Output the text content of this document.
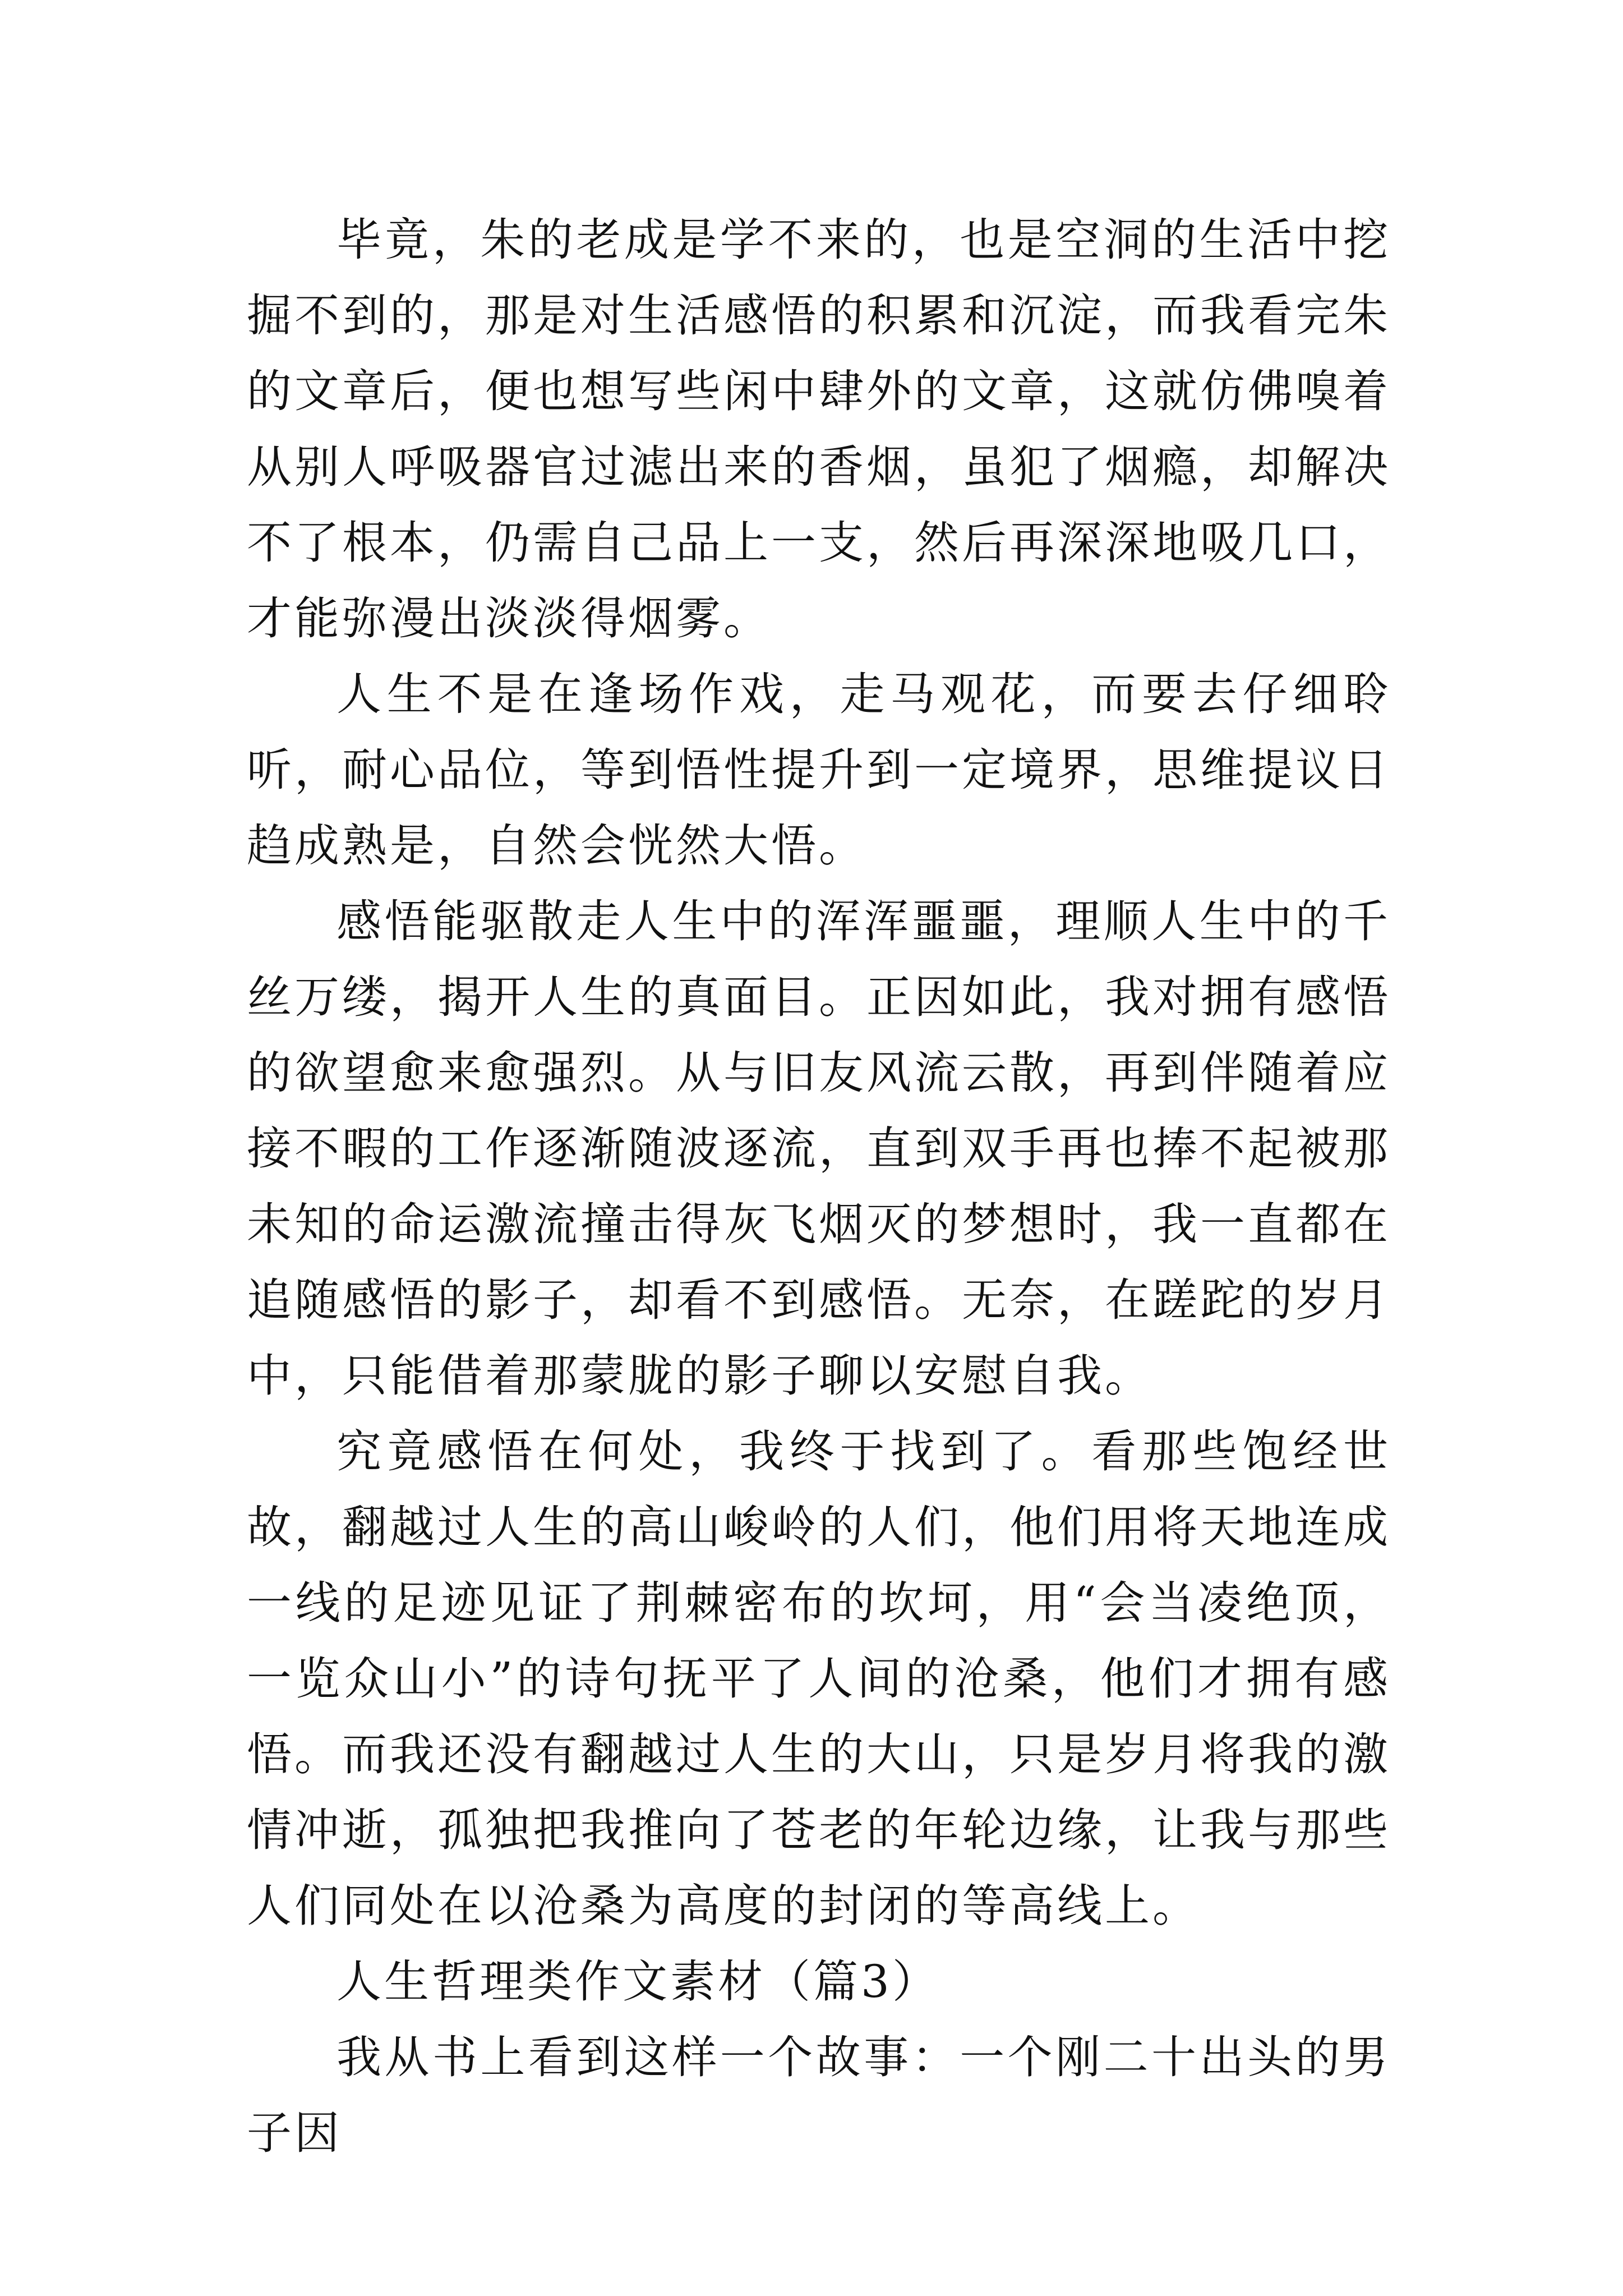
毕竟，朱的老成是学不来的，也是空洞的生活中挖掘不到的，那是对生活感悟的积累和沉淀，而我看完朱的文章后，便也想写些闲中肆外的文章，这就仿佛嗅着从别人呼吸器官过滤出来的香烟，虽犯了烟瘾，却解决不了根本，仍需自己品上一支，然后再深深地吸几口，才能弥漫出淡淡得烟雾。

人生不是在逢场作戏，走马观花，而要去仔细聆听，耐心品位，等到悟性提升到一定境界，思维提议日趋成熟是，自然会恍然大悟。

感悟能驱散走人生中的浑浑噩噩，理顺人生中的千丝万缕，揭开人生的真面目。正因如此，我对拥有感悟的欲望愈来愈强烈。从与旧友风流云散，再到伴随着应接不暇的工作逐渐随波逐流，直到双手再也捧不起被那未知的命运激流撞击得灰飞烟灭的梦想时，我一直都在追随感悟的影子，却看不到感悟。无奈，在蹉跎的岁月中，只能借着那蒙胧的影子聊以安慰自我。

究竟感悟在何处，我终于找到了。看那些饱经世故，翻越过人生的高山峻岭的人们，他们用将天地连成一线的足迹见证了荆棘密布的坎坷，用“会当凌绝顶，一览众山小”的诗句抚平了人间的沧桑，他们才拥有感悟。而我还没有翻越过人生的大山，只是岁月将我的激情冲逝，孤独把我推向了苍老的年轮边缘，让我与那些人们同处在以沧桑为高度的封闭的等高线上。

人生哲理类作文素材（篇3）

我从书上看到这样一个故事：一个刚二十出头的男子因
